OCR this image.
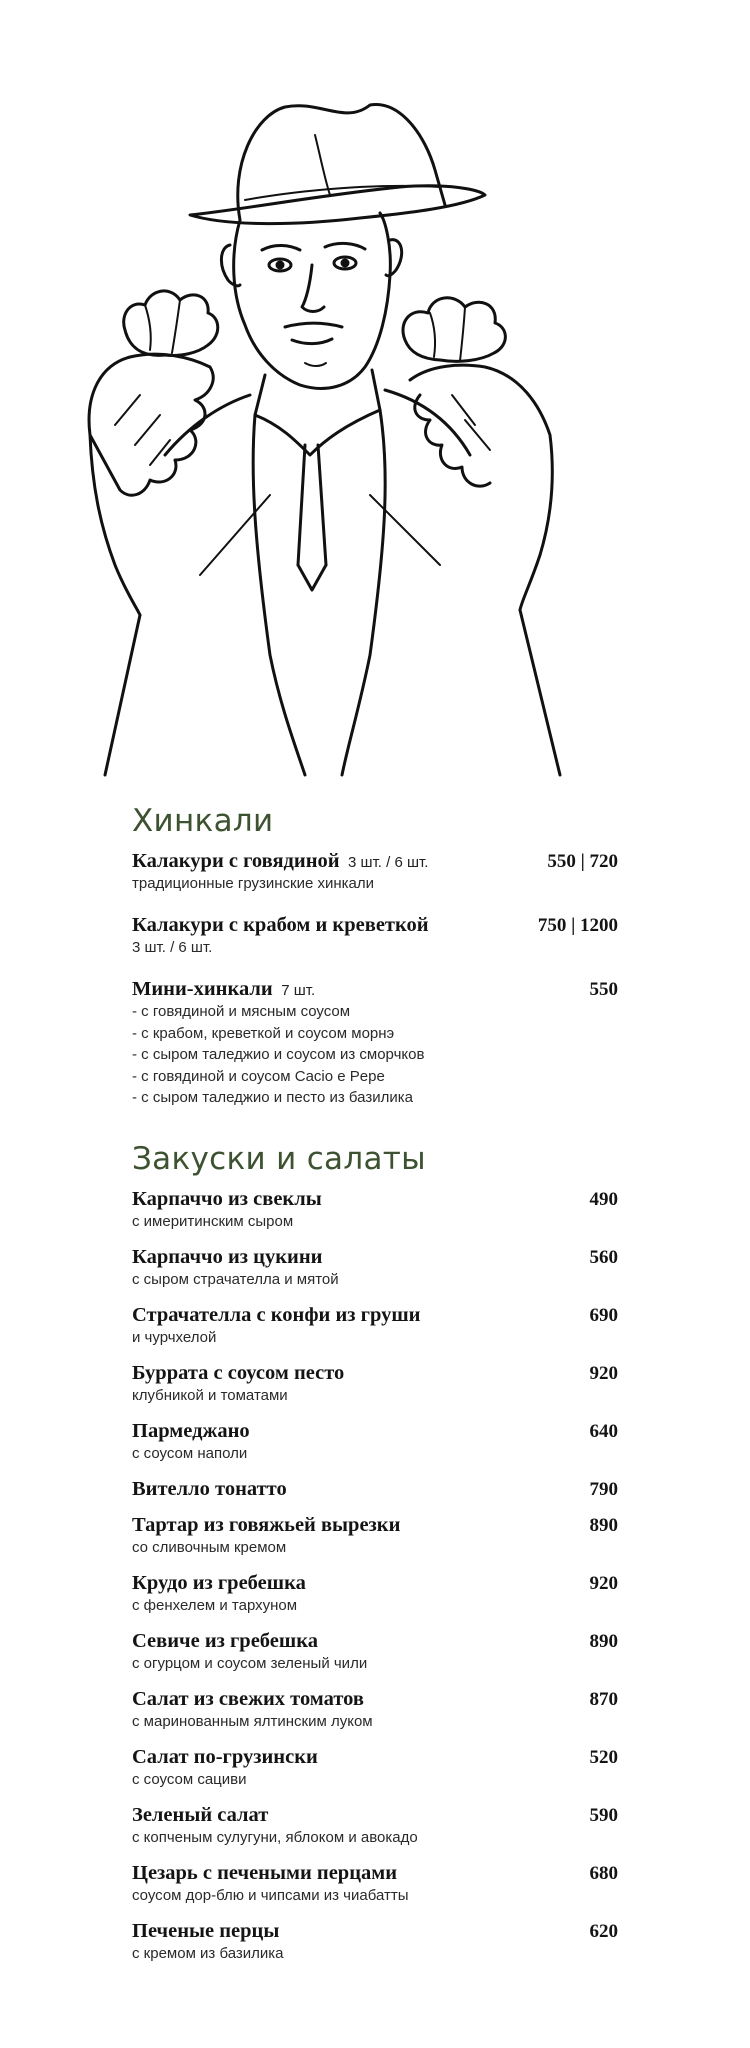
Хинкали
Калакури с говядиной 3 шт. / 6 шт.	550 | 720
традиционные грузинские хинкали
Калакури с крабом и креветкой	750 | 1200
3 шт. / 6 шт.
Мини-хинкали 7 шт.	550
- с говядиной и мясным соусом
- с крабом, креветкой и соусом морнэ
- с сыром таледжио и соусом из сморчков
- с говядиной и соусом Cacio e Pepe
- с сыром таледжио и песто из базилика
Закуски и салаты
Карпаччо из свеклы	490
с имеритинским сыром
Карпаччо из цукини	560
с сыром страчателла и мятой
Страчателла с конфи из груши	690
и чурчхелой
Буррата с соусом песто	920
клубникой и томатами
Пармеджано	640
с соусом наполи
Вителло тонатто	790
Тартар из говяжьей вырезки	890
со сливочным кремом
Крудо из гребешка	920
с фенхелем и тархуном
Севиче из гребешка	890
с огурцом и соусом зеленый чили
Салат из свежих томатов	870
с маринованным ялтинским луком
Салат по-грузински	520
с соусом сациви
Зеленый салат	590
с копченым сулугуни, яблоком и авокадо
Цезарь с печеными перцами	680
соусом дор-блю и чипсами из чиабатты
Печеные перцы	620
с кремом из базилика
